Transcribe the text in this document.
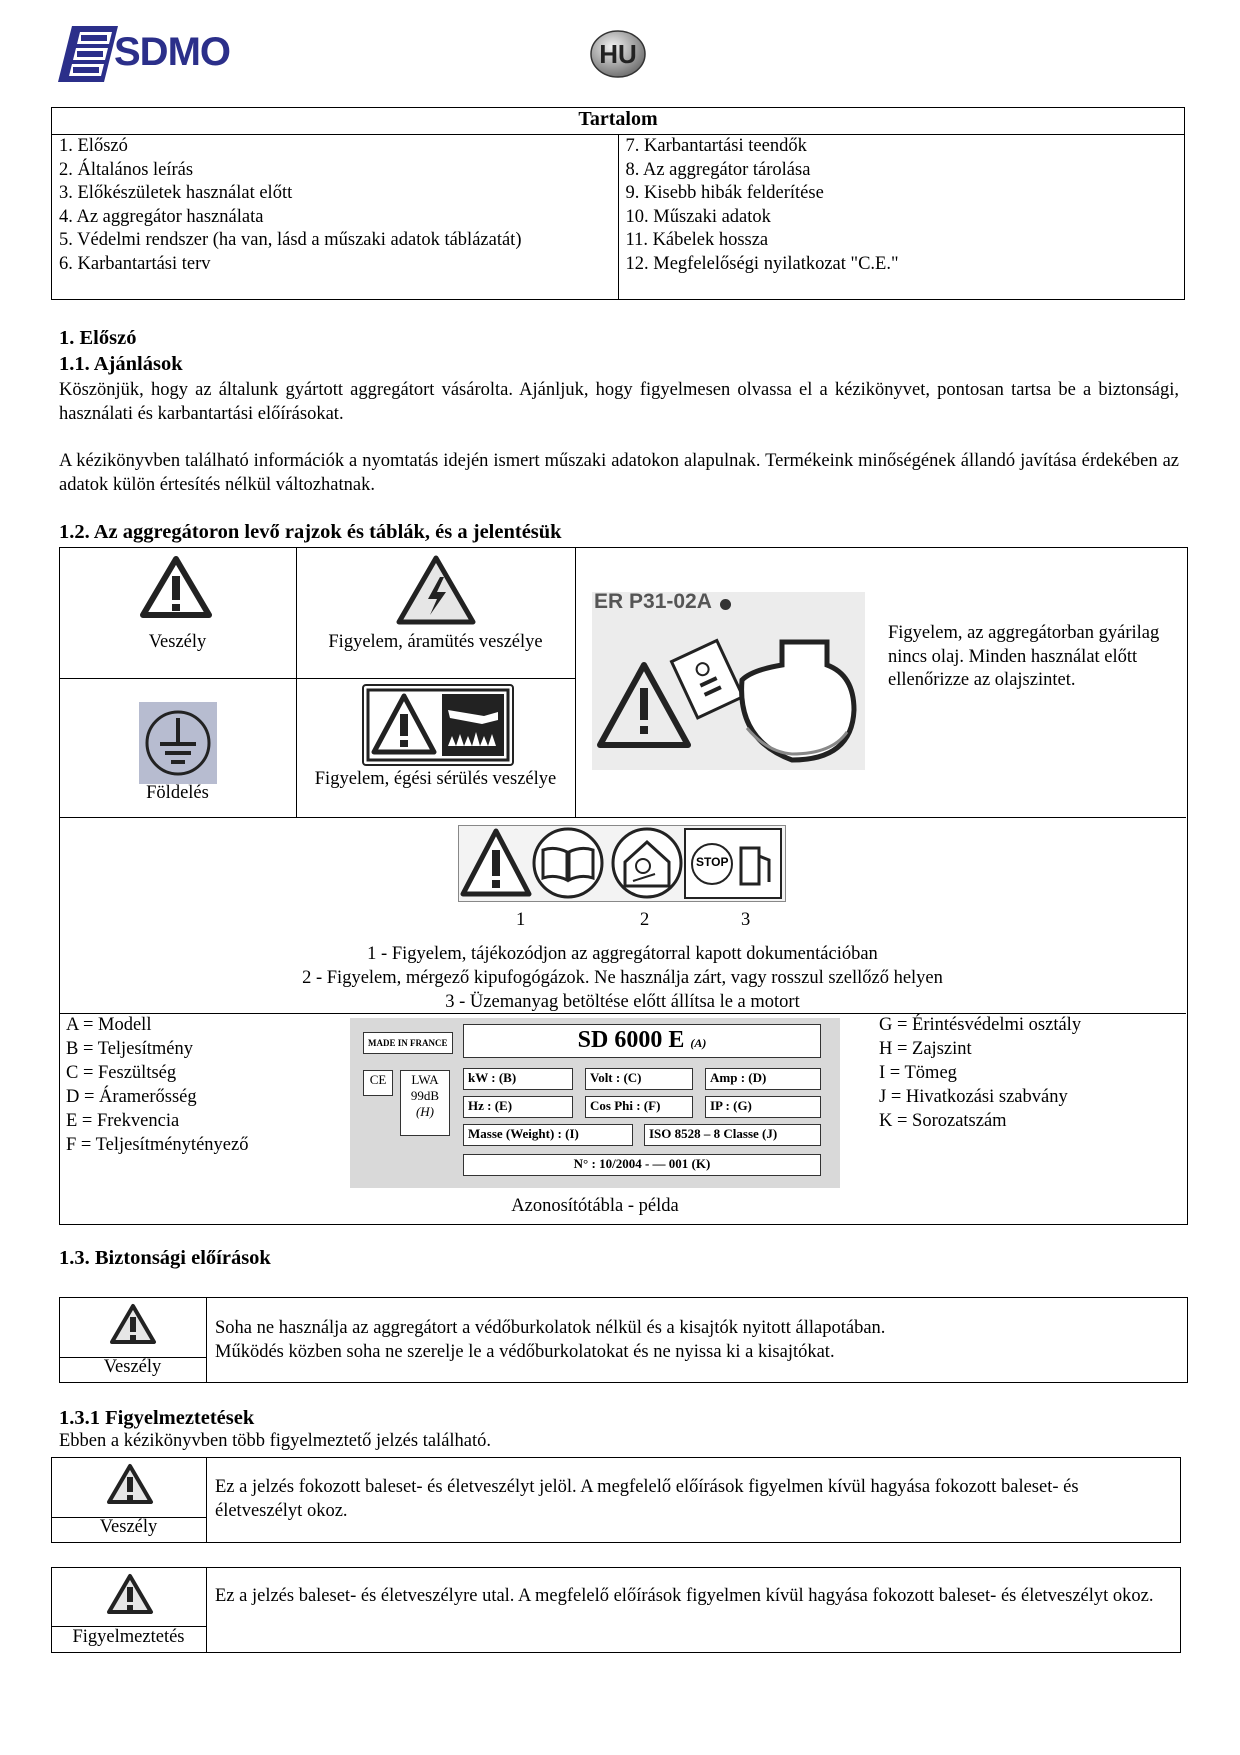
SDMO	HU
Tartalom

1. Előszó
2. Általános leírás
3. Előkészületek használat előtt
4. Az aggregátor használata
5. Védelmi rendszer (ha van, lásd a műszaki adatok táblázatát)
6. Karbantartási terv

7. Karbantartási teendők
8. Az aggregátor tárolása
9. Kisebb hibák felderítése
10. Műszaki adatok
11. Kábelek hossza
12. Megfelelőségi nyilatkozat "C.E."
1. Előszó
1.1. Ajánlások
Köszönjük, hogy az általunk gyártott aggregátort vásárolta. Ajánljuk, hogy figyelmesen olvassa el a kézikönyvet, pontosan tartsa be a biztonsági, használati és karbantartási előírásokat.
A kézikönyvben található információk a nyomtatás idején ismert műszaki adatokon alapulnak. Termékeink minőségének állandó javítása érdekében az adatok külön értesítés nélkül változhatnak.
1.2. Az aggregátoron levő rajzok és táblák, és a jelentésük
Veszély	Figyelem, áramütés veszélye
ER P31-02A
Figyelem, az aggregátorban gyárilag nincs olaj. Minden használat előtt ellenőrizze az olajszintet.
Földelés
Figyelem, égési sérülés veszélye
STOP
1	2	3
1 - Figyelem, tájékozódjon az aggregátorral kapott dokumentációban
2 - Figyelem, mérgező kipufogógázok. Ne használja zárt, vagy rosszul szellőző helyen
3 - Üzemanyag betöltése előtt állítsa le a motort
A = Modell
B = Teljesítmény
C = Feszültség
D = Áramerősség
E = Frekvencia
F = Teljesítménytényező
G = Érintésvédelmi osztály
H = Zajszint
I = Tömeg
J = Hivatkozási szabvány
K = Sorozatszám
MADE IN FRANCE	SD 6000 E (A)
CE	LWA
99dB
(H)
kW : (B)	Volt : (C)	Amp : (D)
Hz : (E)	Cos Phi : (F)	IP : (G)
Masse (Weight) : (I)	ISO 8528 – 8 Classe (J)
N° : 10/2004 - — 001 (K)
Azonosítótábla - példa
1.3. Biztonsági előírások
Veszély
Soha ne használja az aggregátort a védőburkolatok nélkül és a kisajtók nyitott állapotában.
Működés közben soha ne szerelje le a védőburkolatokat és ne nyissa ki a kisajtókat.
1.3.1 Figyelmeztetések
Ebben a kézikönyvben több figyelmeztető jelzés található.
Veszély
Ez a jelzés fokozott baleset- és életveszélyt jelöl. A megfelelő előírások figyelmen kívül hagyása fokozott baleset- és életveszélyt okoz.
Figyelmeztetés
Ez a jelzés baleset- és életveszélyre utal. A megfelelő előírások figyelmen kívül hagyása fokozott baleset- és életveszélyt okoz.
